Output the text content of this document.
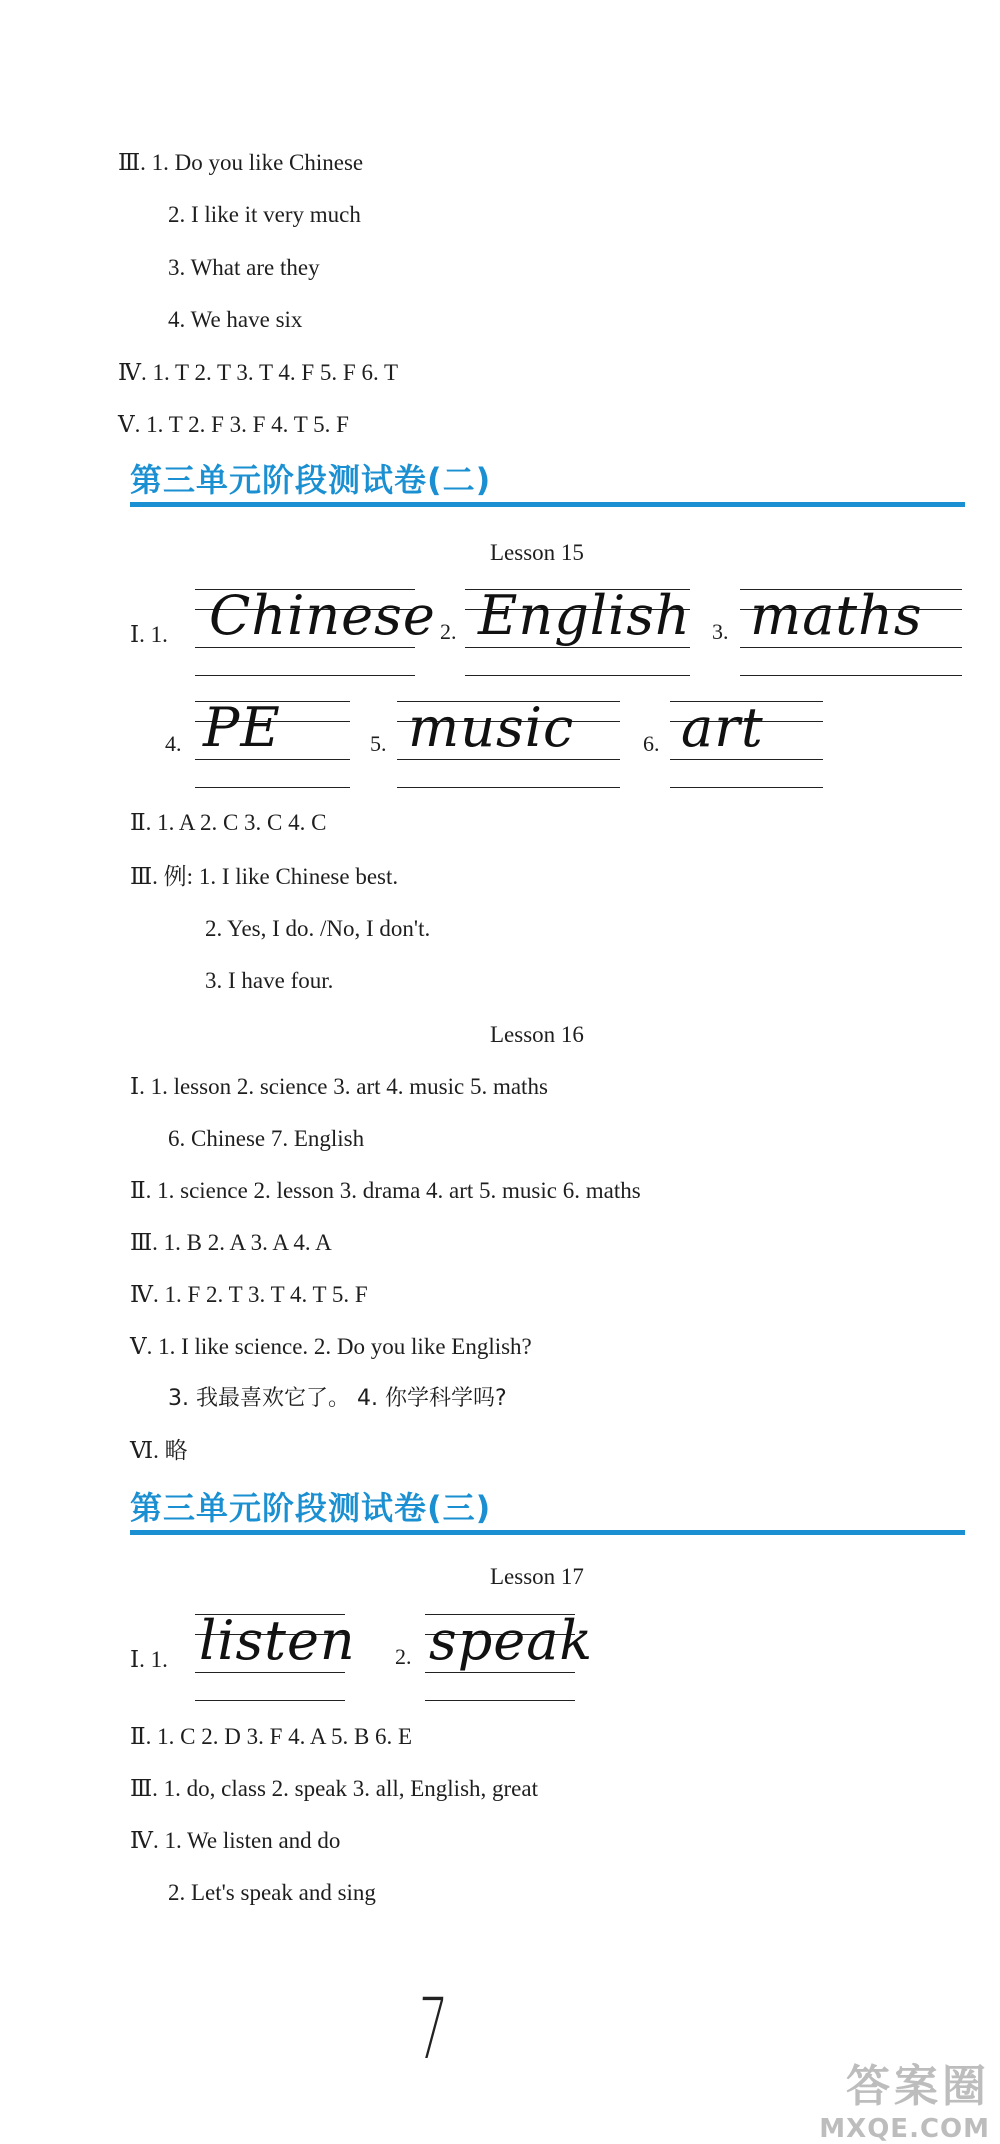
Ⅲ. 1. Do you like Chinese
2. I like it very much
3. What are they
4. We have six
Ⅳ. 1. T 2. T 3. T 4. F 5. F 6. T
Ⅴ. 1. T 2. F 3. F 4. T 5. F
第三单元阶段测试卷(二)
Lesson 15
Ⅰ. 1. Chinese 2. English 3. maths
4. PE	5. music	6. art
Ⅱ. 1. A 2. C 3. C 4. C
Ⅲ. 例: 1. I like Chinese best.
2. Yes, I do. /No, I don't.
3. I have four.
Lesson 16
Ⅰ. 1. lesson 2. science 3. art 4. music 5. maths
6. Chinese 7. English
Ⅱ. 1. science 2. lesson 3. drama 4. art 5. music 6. maths
Ⅲ. 1. B 2. A 3. A 4. A
Ⅳ. 1. F 2. T 3. T 4. T 5. F
Ⅴ. 1. I like science. 2. Do you like English?
3. 我最喜欢它了。 4. 你学科学吗?
Ⅵ. 略
第三单元阶段测试卷(三)
Lesson 17
Ⅰ. 1. listen 2. speak
Ⅱ. 1. C 2. D 3. F 4. A 5. B 6. E
Ⅲ. 1. do, class 2. speak 3. all, English, great
Ⅳ. 1. We listen and do
2. Let's speak and sing
7
答案圈
MXQE.COM
